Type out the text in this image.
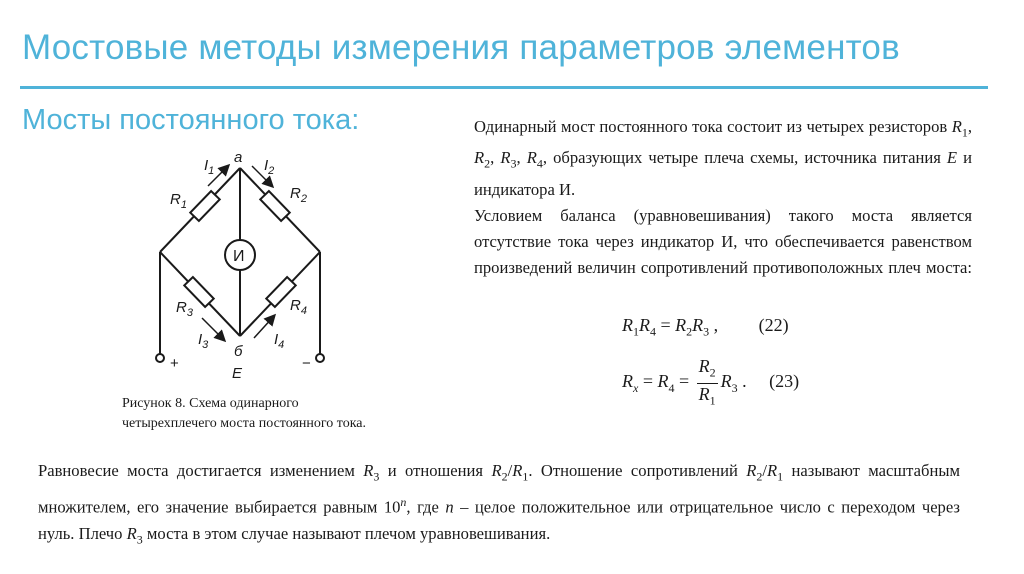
Мостовые методы измерения параметров элементов
Мосты постоянного тока:
a
б
E
И
$I_1$	$I_2$
$I_3$	$I_4$
$R_1$
$R_2$
$R_3$	$R_4$
+	−
Рисунок 8. Схема одинарного
четырехплечего моста постоянного тока.
Одинарный мост постоянного тока состоит из четырех резисторов $R_1$, $R_2$, $R_3$, $R_4$, образующих четыре плеча схемы, источника питания E и индикатора И.
Условием баланса (уравновешивания) такого моста является отсутствие тока через индикатор И, что обеспечивается равенством произведений величин сопротивлений противоположных плеч моста:
$R_1R_4 = R_2R_3$ , (22)
$R_x = R_4 = \frac{R_2}{R_1} R_3$ . (23)
Равновесие моста достигается изменением $R_3$ и отношения $R_2/R_1$. Отношение сопротивлений $R_2/R_1$ называют масштабным множителем, его значение выбирается равным 10$^n$, где n – целое положительное или отрицательное число с переходом через нуль. Плечо $R_3$ моста в этом случае называют плечом уравновешивания.
